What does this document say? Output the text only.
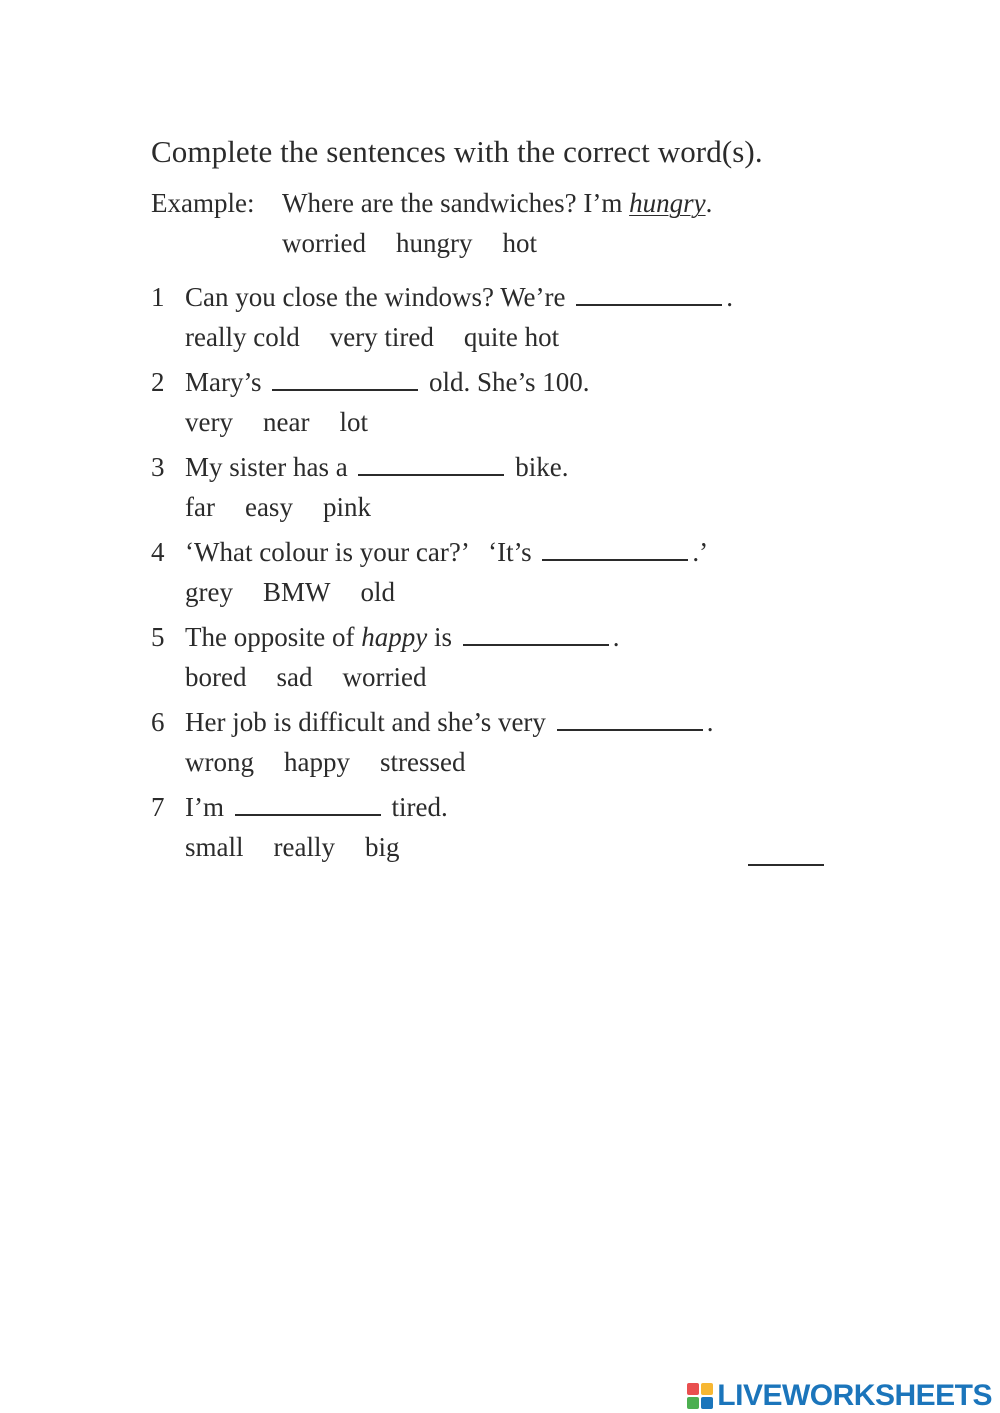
Complete the sentences with the correct word(s).
Example: Where are the sandwiches? I’m hungry.
worried hungry hot
1 Can you close the windows? We’re	.
really cold very tired quite hot
2 Mary’s	old. She’s 100.
very near lot
3 My sister has a	bike.
far easy pink
4 ‘What colour is your car?’   ‘It’s	.’
grey BMW old
5 The opposite of happy is	.
bored sad worried
6 Her job is difficult and she’s very	.
wrong happy stressed
7 I’m	tired.
small really big
LIVEWORKSHEETS
